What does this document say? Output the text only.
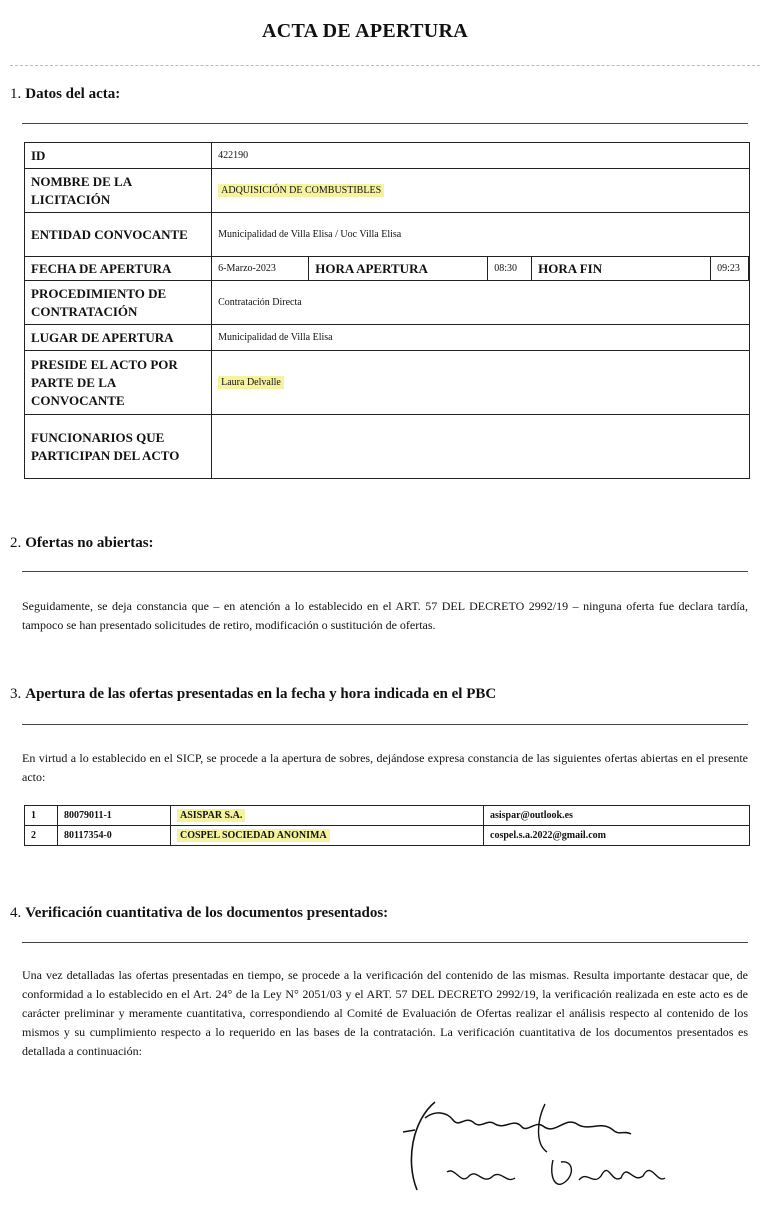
ACTA DE APERTURA
1. Datos del acta:
ID	422190					
NOMBRE DE LA LICITACIÓN	ADQUISICIÓN DE COMBUSTIBLES					
ENTIDAD CONVOCANTE	Municipalidad de Villa Elisa / Uoc Villa Elisa					
FECHA DE APERTURA	6-Marzo-2023	HORA APERTURA	08:30	HORA FIN	09:23	
PROCEDIMIENTO DE CONTRATACIÓN	Contratación Directa					
LUGAR DE APERTURA	Municipalidad de Villa Elisa					
PRESIDE EL ACTO POR PARTE DE LA CONVOCANTE	Laura Delvalle					
FUNCIONARIOS QUE PARTICIPAN DEL ACTO						
2. Ofertas no abiertas:
Seguidamente, se deja constancia que – en atención a lo establecido en el ART. 57 DEL DECRETO 2992/19 – ninguna oferta fue declara tardía, tampoco se han presentado solicitudes de retiro, modificación o sustitución de ofertas.
3. Apertura de las ofertas presentadas en la fecha y hora indicada en el PBC
En virtud a lo establecido en el SICP, se procede a la apertura de sobres, dejándose expresa constancia de las siguientes ofertas abiertas en el presente acto:
1	80079011-1	ASISPAR S.A.	asispar@outlook.es
2	80117354-0	COSPEL SOCIEDAD ANONIMA	cospel.s.a.2022@gmail.com
4. Verificación cuantitativa de los documentos presentados:
Una vez detalladas las ofertas presentadas en tiempo, se procede a la verificación del contenido de las mismas. Resulta importante destacar que, de conformidad a lo establecido en el Art. 24° de la Ley N° 2051/03 y el ART. 57 DEL DECRETO 2992/19, la verificación realizada en este acto es de carácter preliminar y meramente cuantitativa, correspondiendo al Comité de Evaluación de Ofertas realizar el análisis respecto al contenido de los mismos y su cumplimiento respecto a lo requerido en las bases de la contratación. La verificación cuantitativa de los documentos presentados es detallada a continuación:
